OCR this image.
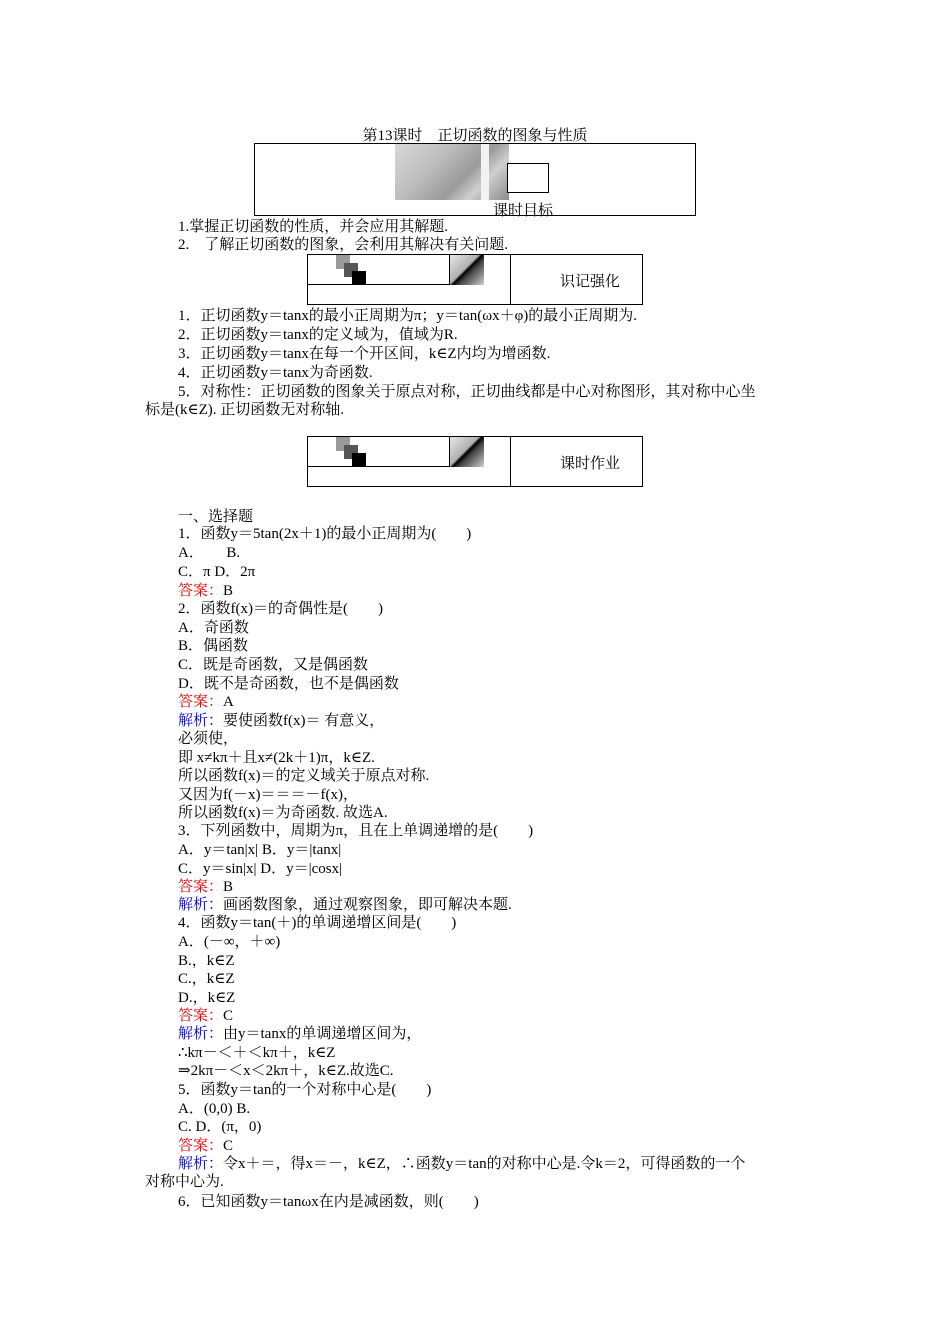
第13课时　正切函数的图象与性质
课时目标
1.掌握正切函数的性质，并会应用其解题.
2.　了解正切函数的图象，会利用其解决有关问题.
识记强化
1．正切函数y＝tanx的最小正周期为π；y＝tan(ωx＋φ)的最小正周期为.
2．正切函数y＝tanx的定义域为，值域为R.
3．正切函数y＝tanx在每一个开区间，k∈Z内均为增函数.
4．正切函数y＝tanx为奇函数.
5．对称性：正切函数的图象关于原点对称，正切曲线都是中心对称图形，其对称中心坐
标是(k∈Z). 正切函数无对称轴.
课时作业
一、选择题
1．函数y＝5tan(2x＋1)的最小正周期为(　　)
A．　　B.
C．π D．2π
答案：B
2．函数f(x)＝的奇偶性是(　　)
A．奇函数
B．偶函数
C．既是奇函数，又是偶函数
D．既不是奇函数，也不是偶函数
答案：A
解析：要使函数f(x)＝ 有意义，
必须使，
即 x≠kπ＋且x≠(2k＋1)π，k∈Z.
所以函数f(x)＝的定义域关于原点对称.
又因为f(－x)＝＝＝－f(x)，
所以函数f(x)＝为奇函数. 故选A.
3．下列函数中，周期为π，且在上单调递增的是(　　)
A．y＝tan|x| B．y＝|tanx|
C．y＝sin|x| D．y＝|cosx|
答案：B
解析：画函数图象，通过观察图象，即可解决本题.
4．函数y＝tan(＋)的单调递增区间是(　　)
A．(－∞，＋∞)
B.，k∈Z
C.，k∈Z
D.，k∈Z
答案：C
解析：由y＝tanx的单调递增区间为，
∴kπ－＜＋＜kπ＋，k∈Z
⇒2kπ－＜x＜2kπ＋，k∈Z.故选C.
5．函数y＝tan的一个对称中心是(　　)
A．(0,0) B.
C. D．(π，0)
答案：C
解析：令x＋＝，得x＝－，k∈Z，∴函数y＝tan的对称中心是.令k＝2，可得函数的一个
对称中心为.
6．已知函数y＝tanωx在内是减函数，则(　　)
